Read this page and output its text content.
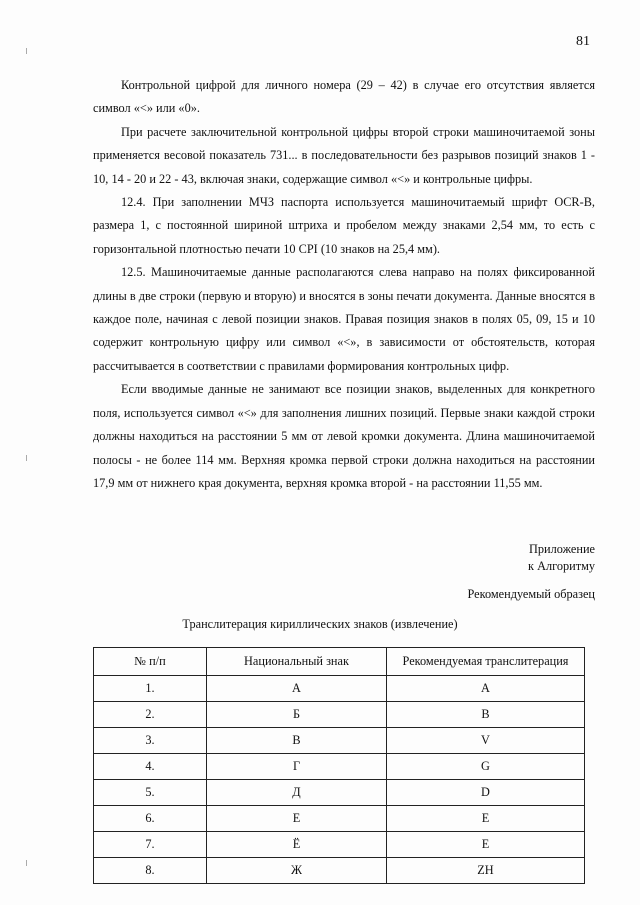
81

Контрольной цифрой для личного номера (29 – 42) в случае его отсутствия является символ «<» или «0».

При расчете заключительной контрольной цифры второй строки машиночитаемой зоны применяется весовой показатель 731... в последовательности без разрывов позиций знаков 1 - 10, 14 - 20 и 22 - 43, включая знаки, содержащие символ «<» и контрольные цифры.

12.4. При заполнении МЧЗ паспорта используется машиночитаемый шрифт OCR-B, размера 1, с постоянной шириной штриха и пробелом между знаками 2,54 мм, то есть с горизонтальной плотностью печати 10 CPI (10 знаков на 25,4 мм).

12.5. Машиночитаемые данные располагаются слева направо на полях фиксированной длины в две строки (первую и вторую) и вносятся в зоны печати документа. Данные вносятся в каждое поле, начиная с левой позиции знаков. Правая позиция знаков в полях 05, 09, 15 и 10 содержит контрольную цифру или символ «<», в зависимости от обстоятельств, которая рассчитывается в соответствии с правилами формирования контрольных цифр.

Если вводимые данные не занимают все позиции знаков, выделенных для конкретного поля, используется символ «<» для заполнения лишних позиций. Первые знаки каждой строки должны находиться на расстоянии 5 мм от левой кромки документа. Длина машиночитаемой полосы - не более 114 мм. Верхняя кромка первой строки должна находиться на расстоянии 17,9 мм от нижнего края документа, верхняя кромка второй - на расстоянии 11,55 мм.

Приложение
к Алгоритму
Рекомендуемый образец
Транслитерация кириллических знаков (извлечение)
№ п/п	Национальный знак	Рекомендуемая транслитерация
1.	А	A
2.	Б	B
3.	В	V
4.	Г	G
5.	Д	D
6.	Е	E
7.	Ё	E
8.	Ж	ZH
